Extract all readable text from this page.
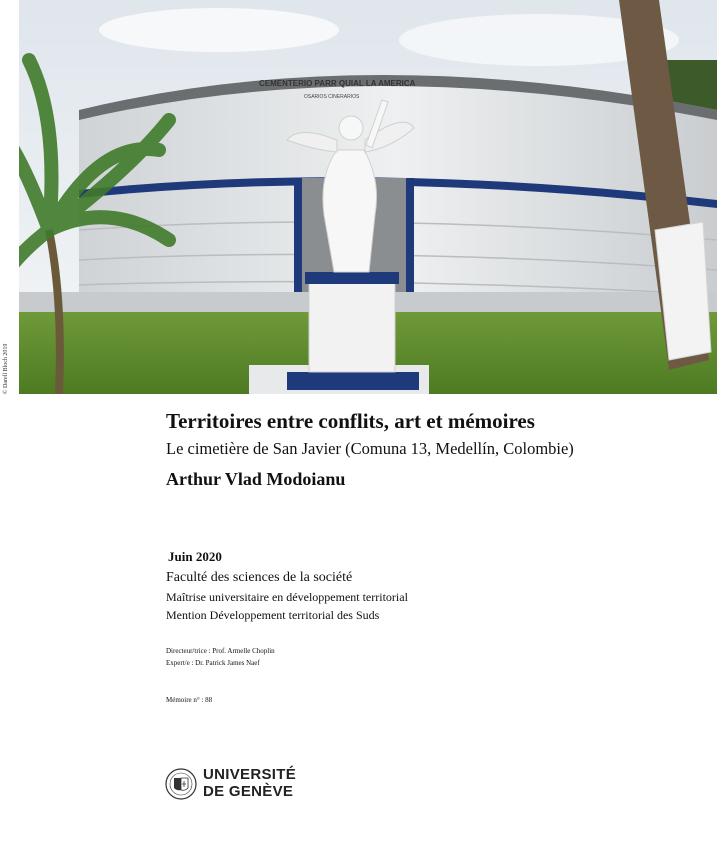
CEMENTERIO PARR QUIAL LA AMERICA
OSARIOS CINERARIOS
© Darell Bloch 2019
Territoires entre conflits, art et mémoires
Le cimetière de San Javier (Comuna 13, Medellín, Colombie)
Arthur Vlad Modoianu
Juin 2020
Faculté des sciences de la société
Maîtrise universitaire en développement territorial
Mention Développement territorial des Suds
Directeur/trice : Prof. Armelle Choplin
Expert/e : Dr. Patrick James Naef
Mémoire n° : 88
UNIVERSITÉ
DE GENÈVE
